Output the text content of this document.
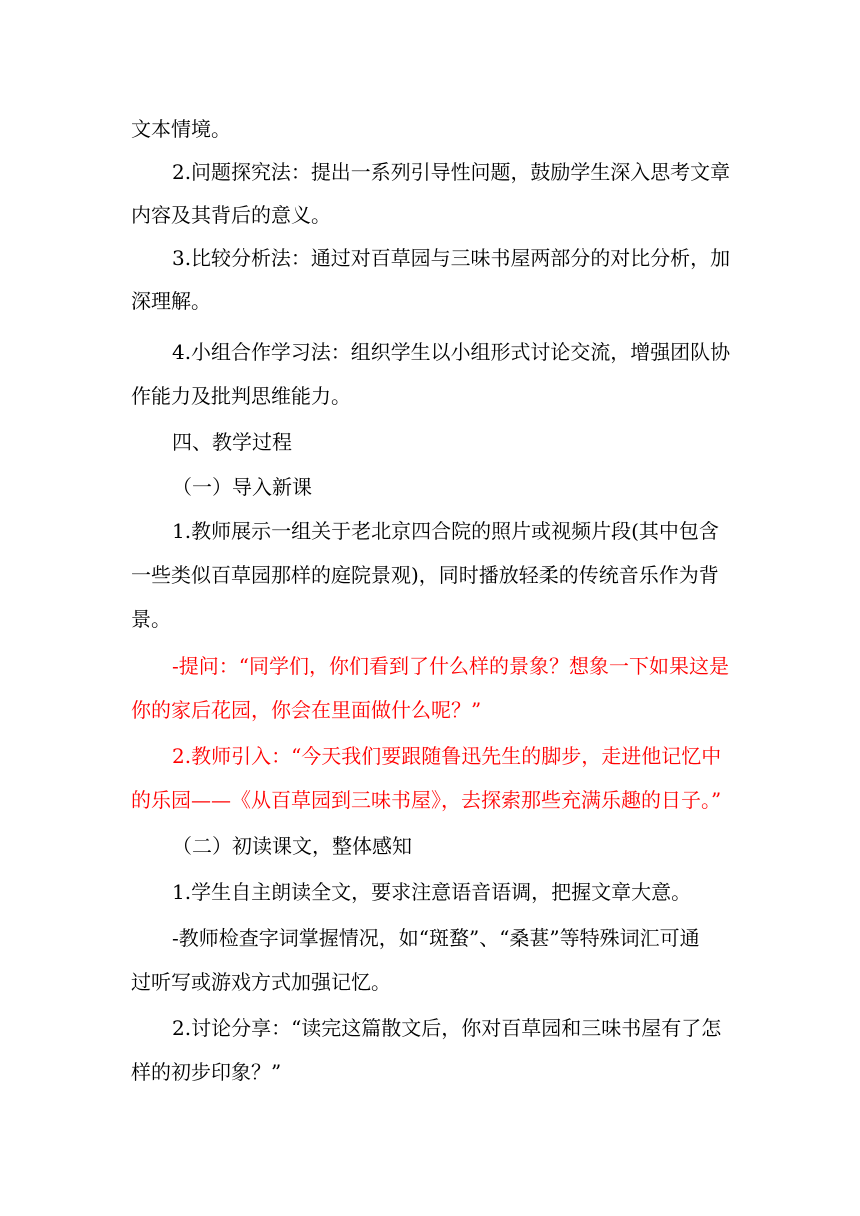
文本情境。
2.问题探究法：提出一系列引导性问题，鼓励学生深入思考文章
内容及其背后的意义。
3.比较分析法：通过对百草园与三味书屋两部分的对比分析，加
深理解。
4.小组合作学习法：组织学生以小组形式讨论交流，增强团队协
作能力及批判思维能力。
四、教学过程
（一）导入新课
1.教师展示一组关于老北京四合院的照片或视频片段(其中包含
一些类似百草园那样的庭院景观)，同时播放轻柔的传统音乐作为背
景。
-提问：“同学们，你们看到了什么样的景象？想象一下如果这是
你的家后花园，你会在里面做什么呢？”
2.教师引入：“今天我们要跟随鲁迅先生的脚步，走进他记忆中
的乐园——《从百草园到三味书屋》，去探索那些充满乐趣的日子。”
（二）初读课文，整体感知
1.学生自主朗读全文，要求注意语音语调，把握文章大意。
-教师检查字词掌握情况，如“斑蝥”、“桑葚”等特殊词汇可通
过听写或游戏方式加强记忆。
2.讨论分享：“读完这篇散文后，你对百草园和三味书屋有了怎
样的初步印象？”
